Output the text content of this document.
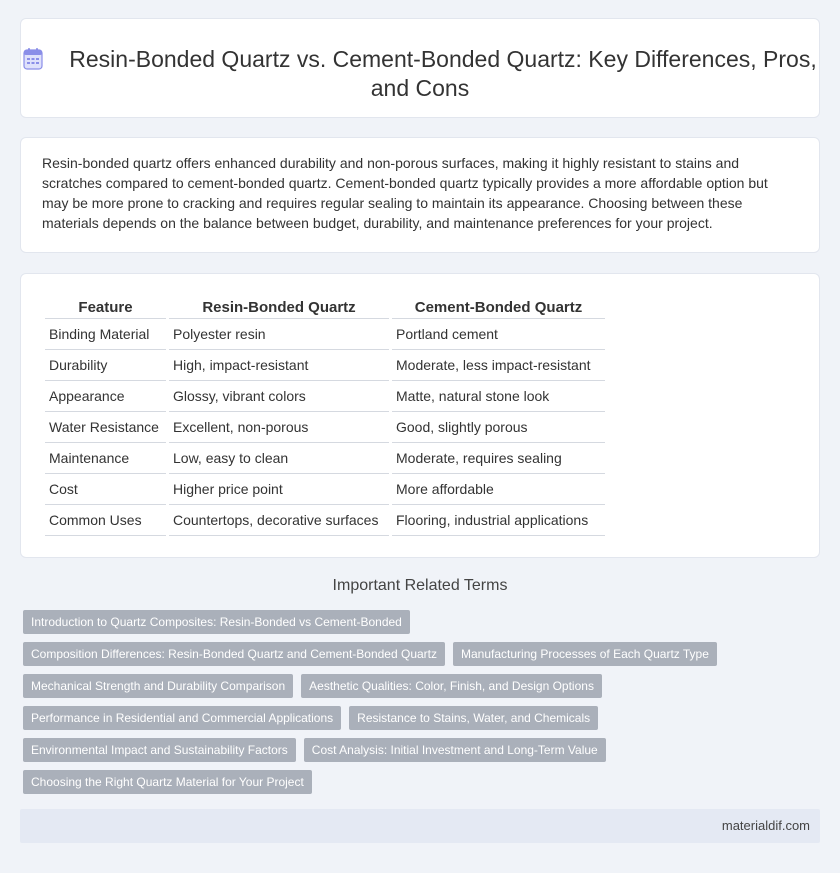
Resin-Bonded Quartz vs. Cement-Bonded Quartz: Key Differences, Pros, and Cons

Resin-bonded quartz offers enhanced durability and non-porous surfaces, making it highly resistant to stains and scratches compared to cement-bonded quartz. Cement-bonded quartz typically provides a more affordable option but may be more prone to cracking and requires regular sealing to maintain its appearance. Choosing between these materials depends on the balance between budget, durability, and maintenance preferences for your project.

Feature	Resin-Bonded Quartz	Cement-Bonded Quartz
Binding Material	Polyester resin	Portland cement
Durability	High, impact-resistant	Moderate, less impact-resistant
Appearance	Glossy, vibrant colors	Matte, natural stone look
Water Resistance	Excellent, non-porous	Good, slightly porous
Maintenance	Low, easy to clean	Moderate, requires sealing
Cost	Higher price point	More affordable
Common Uses	Countertops, decorative surfaces	Flooring, industrial applications
Important Related Terms
Introduction to Quartz Composites: Resin-Bonded vs Cement-Bonded
Composition Differences: Resin-Bonded Quartz and Cement-Bonded Quartz	Manufacturing Processes of Each Quartz Type
Mechanical Strength and Durability Comparison	Aesthetic Qualities: Color, Finish, and Design Options
Performance in Residential and Commercial Applications	Resistance to Stains, Water, and Chemicals
Environmental Impact and Sustainability Factors	Cost Analysis: Initial Investment and Long-Term Value
Choosing the Right Quartz Material for Your Project
materialdif.com
